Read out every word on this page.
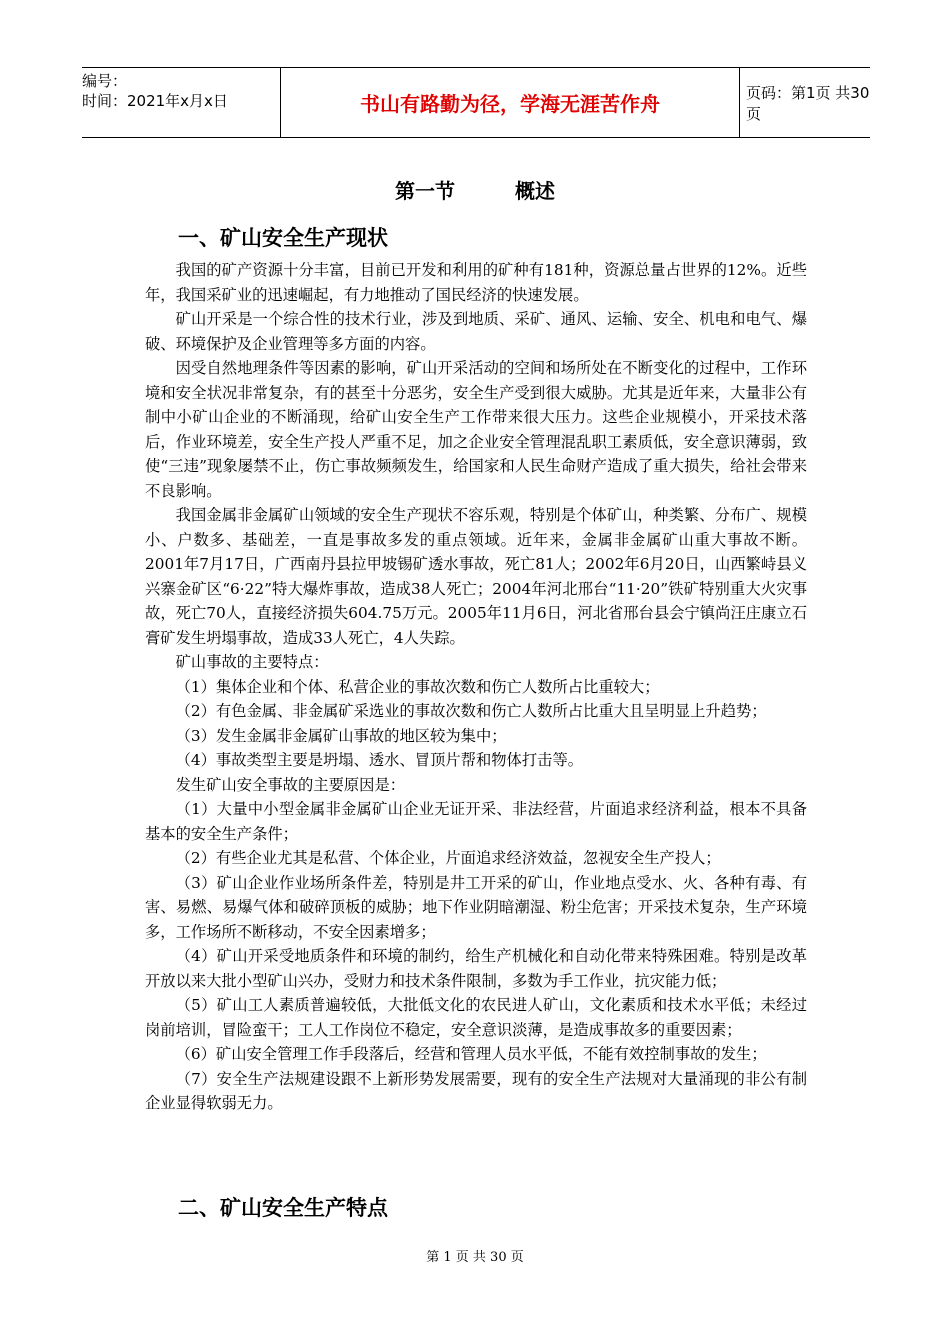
编号：
时间：2021年x月x日	书山有路勤为径，学海无涯苦作舟	页码：第1页 共30页
第一节	概述
一、矿山安全生产现状

我国的矿产资源十分丰富，目前已开发和利用的矿种有181种，资源总量占世界的12%。近些年，我国采矿业的迅速崛起，有力地推动了国民经济的快速发展。

矿山开采是一个综合性的技术行业，涉及到地质、采矿、通风、运输、安全、机电和电气、爆破、环境保护及企业管理等多方面的内容。

因受自然地理条件等因素的影响，矿山开采活动的空间和场所处在不断变化的过程中，工作环境和安全状况非常复杂，有的甚至十分恶劣，安全生产受到很大威胁。尤其是近年来，大量非公有制中小矿山企业的不断涌现，给矿山安全生产工作带来很大压力。这些企业规模小，开采技术落后，作业环境差，安全生产投人严重不足，加之企业安全管理混乱职工素质低，安全意识薄弱，致使“三违”现象屡禁不止，伤亡事故频频发生，给国家和人民生命财产造成了重大损失，给社会带来不良影响。

我国金属非金属矿山领域的安全生产现状不容乐观，特别是个体矿山，种类繁、分布广、规模小、户数多、基础差，一直是事故多发的重点领域。近年来，金属非金属矿山重大事故不断。2001年7月17日，广西南丹县拉甲坡锡矿透水事故，死亡81人；2002年6月20日，山西繁峙县义兴寨金矿区“6·22”特大爆炸事故，造成38人死亡；2004年河北邢台“11·20”铁矿特别重大火灾事故，死亡70人，直接经济损失604.75万元。2005年11月6日，河北省邢台县会宁镇尚汪庄康立石膏矿发生坍塌事故，造成33人死亡，4人失踪。

矿山事故的主要特点：

（1）集体企业和个体、私营企业的事故次数和伤亡人数所占比重较大；

（2）有色金属、非金属矿采选业的事故次数和伤亡人数所占比重大且呈明显上升趋势；

（3）发生金属非金属矿山事故的地区较为集中；

（4）事故类型主要是坍塌、透水、冒顶片帮和物体打击等。

发生矿山安全事故的主要原因是：

（1）大量中小型金属非金属矿山企业无证开采、非法经营，片面追求经济利益，根本不具备基本的安全生产条件；

（2）有些企业尤其是私营、个体企业，片面追求经济效益，忽视安全生产投人；

（3）矿山企业作业场所条件差，特别是井工开采的矿山，作业地点受水、火、各种有毒、有害、易燃、易爆气体和破碎顶板的威胁；地下作业阴暗潮湿、粉尘危害；开采技术复杂，生产环境多，工作场所不断移动，不安全因素增多；

（4）矿山开采受地质条件和环境的制约，给生产机械化和自动化带来特殊困难。特别是改革开放以来大批小型矿山兴办，受财力和技术条件限制，多数为手工作业，抗灾能力低；

（5）矿山工人素质普遍较低，大批低文化的农民进人矿山，文化素质和技术水平低；未经过岗前培训，冒险蛮干；工人工作岗位不稳定，安全意识淡薄，是造成事故多的重要因素；

（6）矿山安全管理工作手段落后，经营和管理人员水平低，不能有效控制事故的发生；

（7）安全生产法规建设跟不上新形势发展需要，现有的安全生产法规对大量涌现的非公有制企业显得软弱无力。

二、矿山安全生产特点
第 1 页 共 30 页
